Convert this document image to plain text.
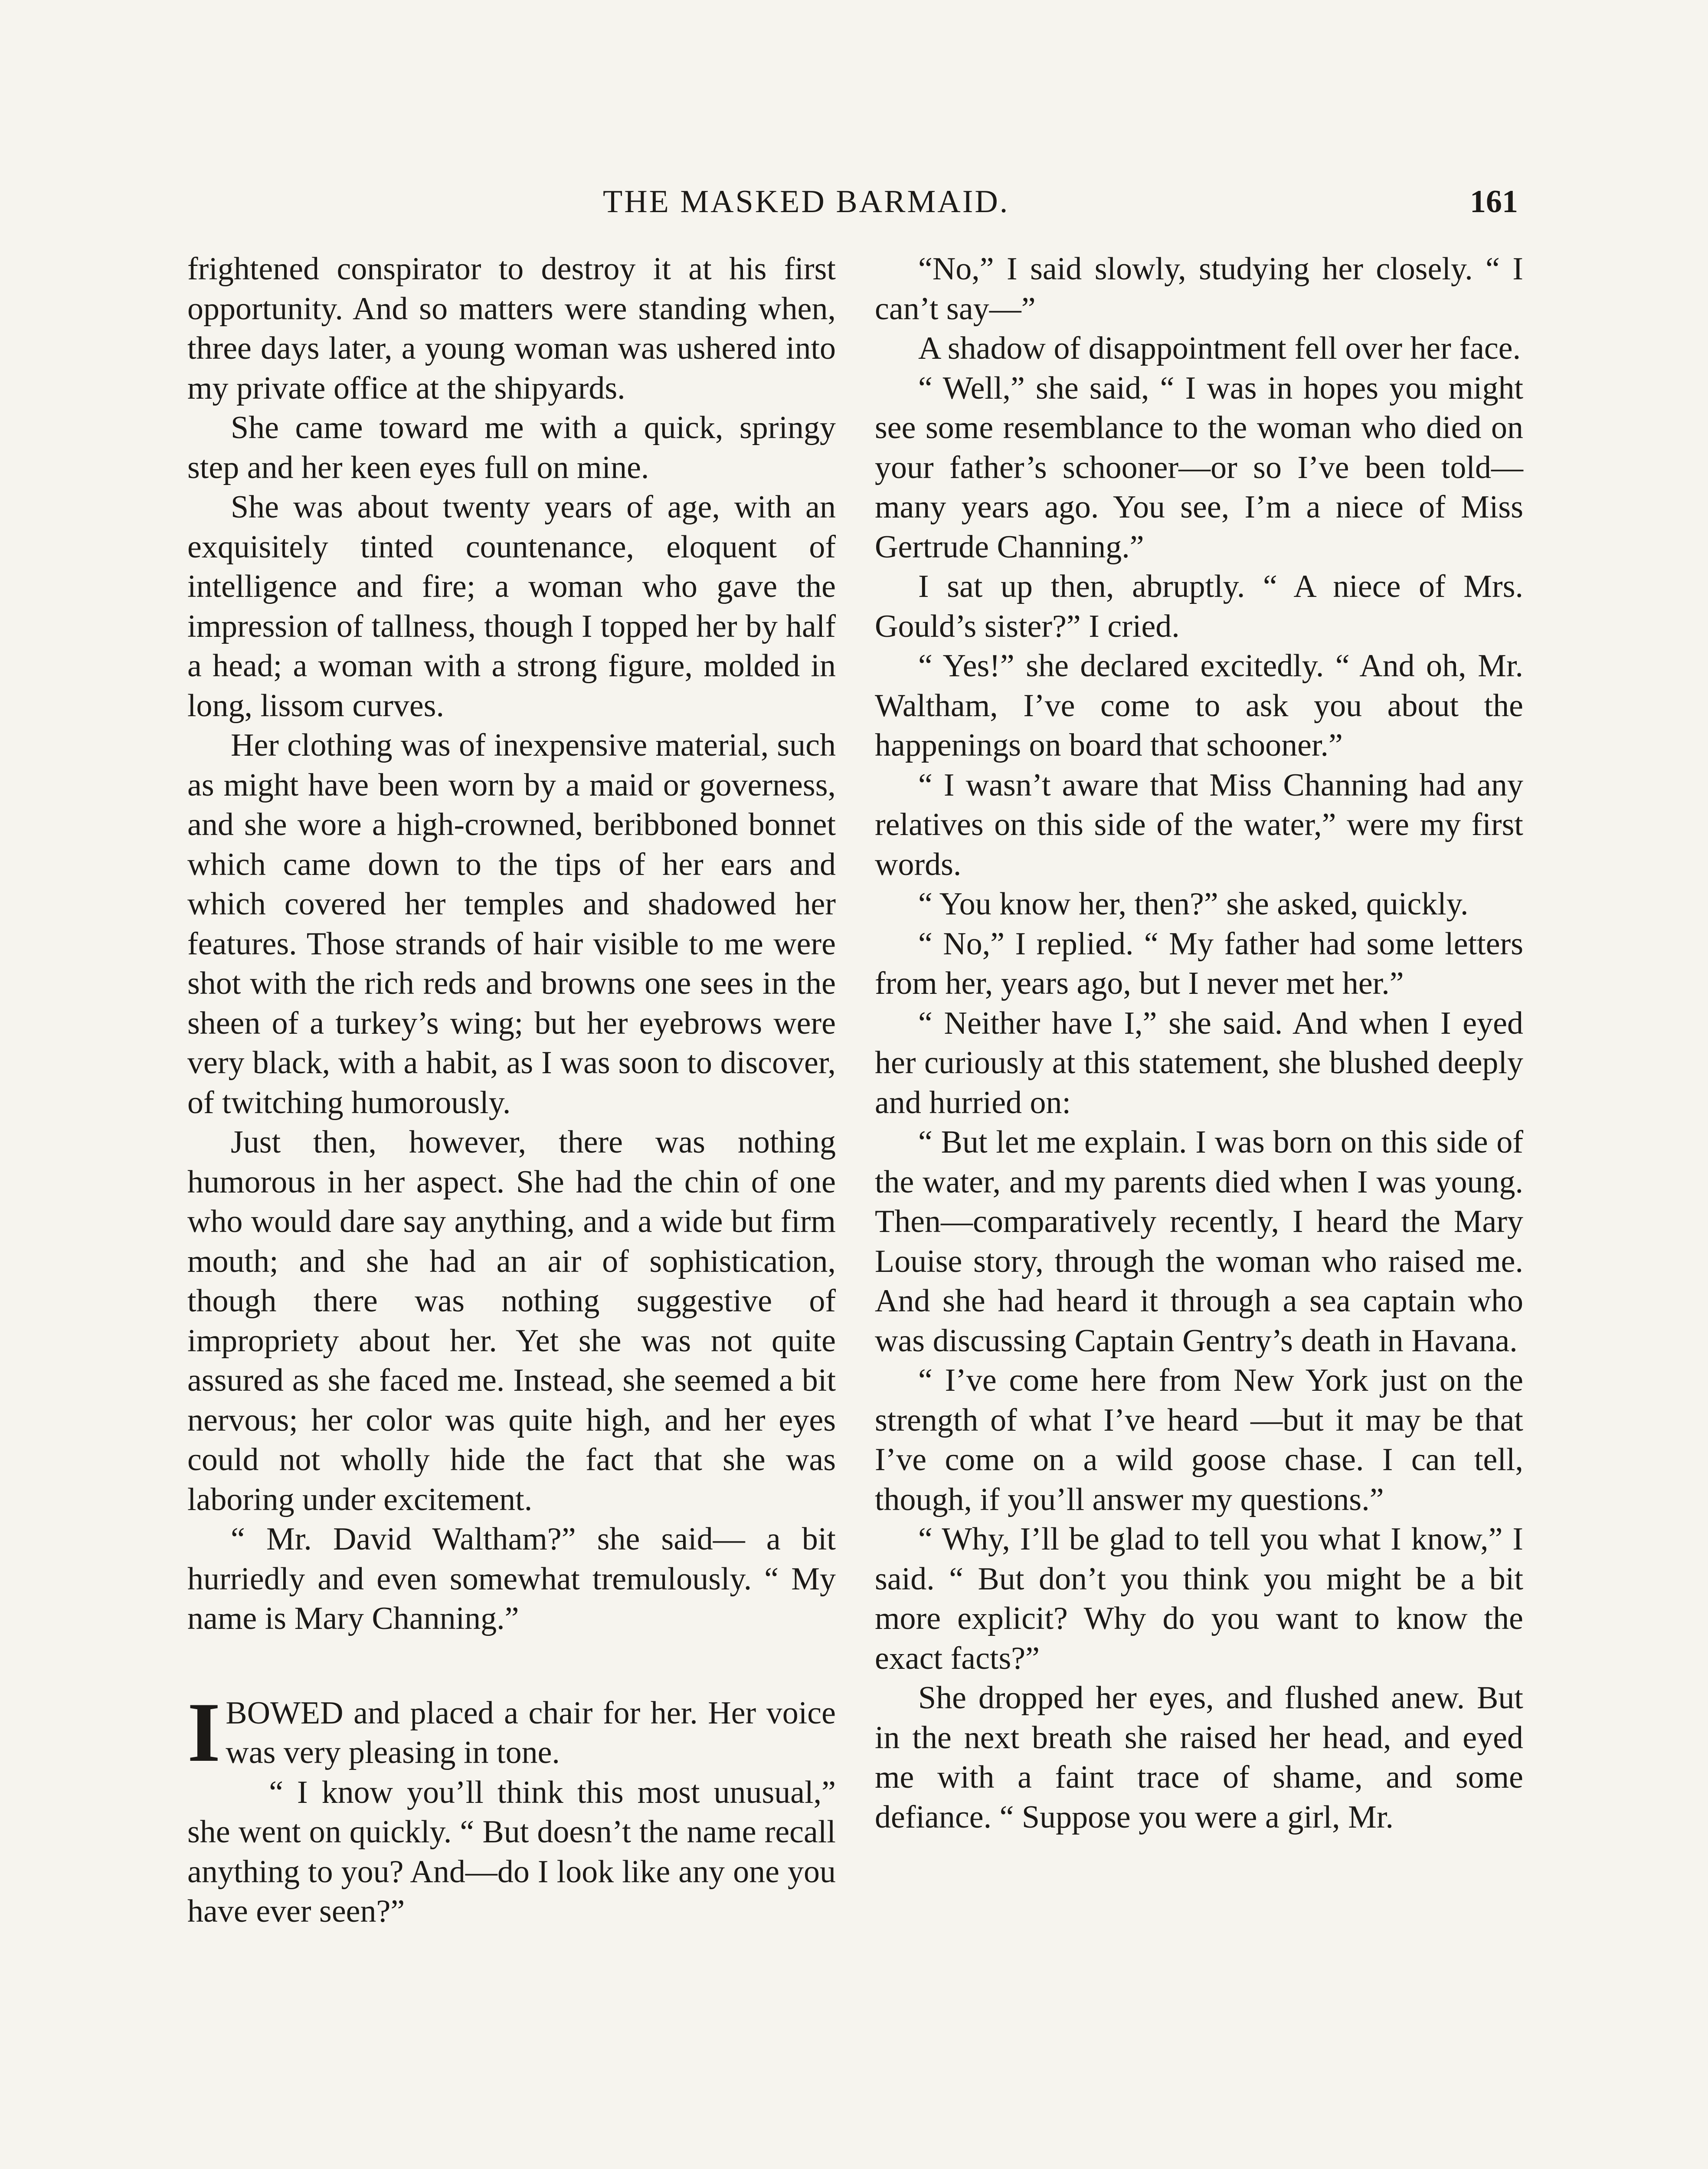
THE MASKED BARMAID.	161

frightened conspirator to destroy it at his first opportunity. And so matters were standing when, three days later, a young woman was ushered into my private office at the shipyards.

She came toward me with a quick, springy step and her keen eyes full on mine.

She was about twenty years of age, with an exquisitely tinted countenance, eloquent of intelligence and fire; a woman who gave the impression of tallness, though I topped her by half a head; a woman with a strong figure, molded in long, lissom curves.

Her clothing was of inexpensive material, such as might have been worn by a maid or governess, and she wore a high-crowned, beribboned bonnet which came down to the tips of her ears and which covered her temples and shadowed her features. Those strands of hair visible to me were shot with the rich reds and browns one sees in the sheen of a turkey’s wing; but her eyebrows were very black, with a habit, as I was soon to discover, of twitching humorously.

Just then, however, there was nothing humorous in her aspect. She had the chin of one who would dare say anything, and a wide but firm mouth; and she had an air of sophistication, though there was nothing suggestive of impropriety about her. Yet she was not quite assured as she faced me. Instead, she seemed a bit nervous; her color was quite high, and her eyes could not wholly hide the fact that she was laboring under excitement.

“ Mr. David Waltham?” she said— a bit hurriedly and even somewhat tremulously. “ My name is Mary Channing.”

IBOWED and placed a chair for her. Her voice was very pleasing in tone.

“ I know you’ll think this most unusual,” she went on quickly. “ But doesn’t the name recall anything to you? And—do I look like any one you have ever seen?”

“No,” I said slowly, studying her closely. “ I can’t say—”

A shadow of disappointment fell over her face.

“ Well,” she said, “ I was in hopes you might see some resemblance to the woman who died on your father’s schooner—or so I’ve been told—many years ago. You see, I’m a niece of Miss Gertrude Channing.”

I sat up then, abruptly. “ A niece of Mrs. Gould’s sister?” I cried.

“ Yes!” she declared excitedly. “ And oh, Mr. Waltham, I’ve come to ask you about the happenings on board that schooner.”

“ I wasn’t aware that Miss Channing had any relatives on this side of the water,” were my first words.

“ You know her, then?” she asked, quickly.

“ No,” I replied. “ My father had some letters from her, years ago, but I never met her.”

“ Neither have I,” she said. And when I eyed her curiously at this statement, she blushed deeply and hurried on:

“ But let me explain. I was born on this side of the water, and my parents died when I was young. Then—comparatively recently, I heard the Mary Louise story, through the woman who raised me. And she had heard it through a sea captain who was discussing Captain Gentry’s death in Havana.

“ I’ve come here from New York just on the strength of what I’ve heard —but it may be that I’ve come on a wild goose chase. I can tell, though, if you’ll answer my questions.”

“ Why, I’ll be glad to tell you what I know,” I said. “ But don’t you think you might be a bit more explicit? Why do you want to know the exact facts?”

She dropped her eyes, and flushed anew. But in the next breath she raised her head, and eyed me with a faint trace of shame, and some defiance. “ Suppose you were a girl, Mr.
